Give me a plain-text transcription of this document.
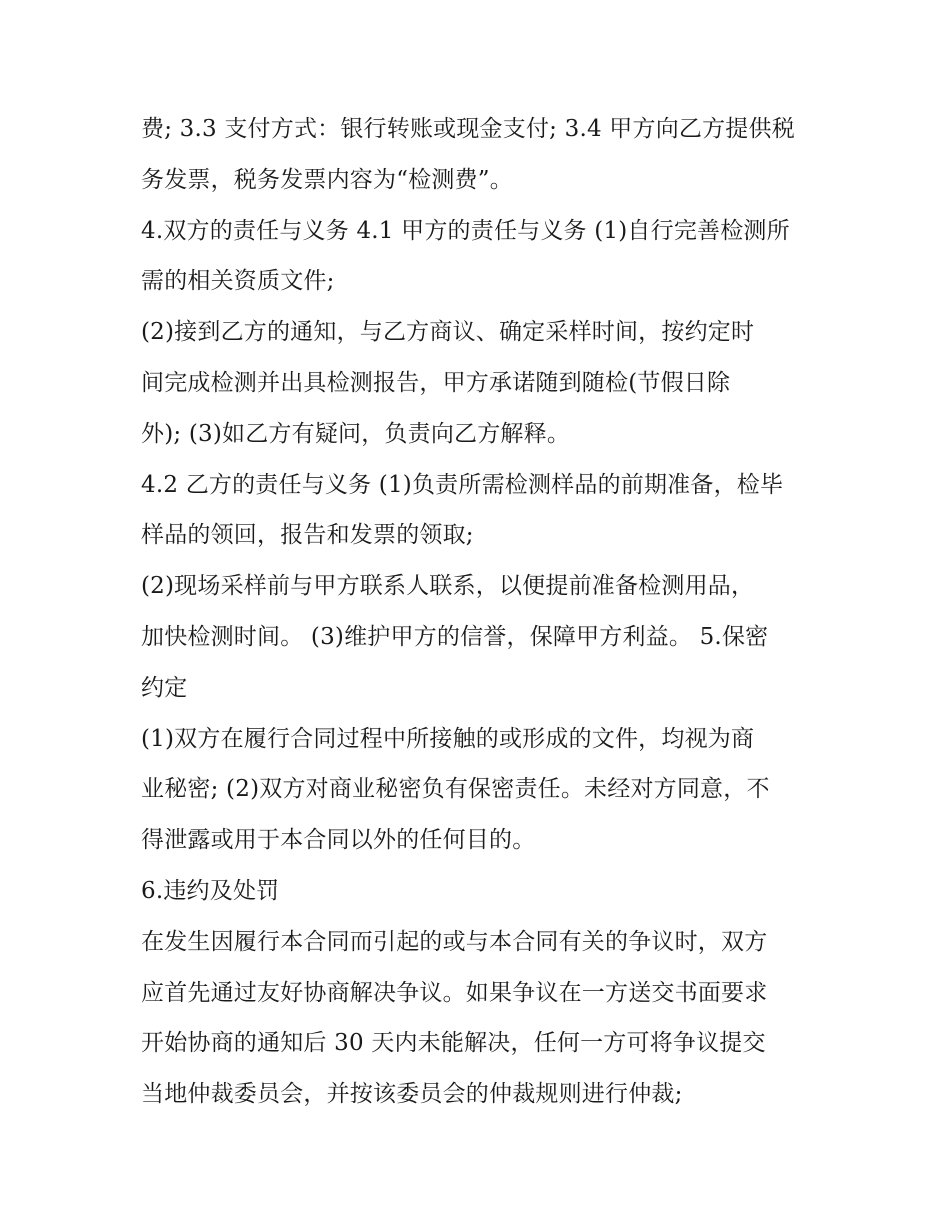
费; 3.3 支付方式：银行转账或现金支付; 3.4 甲方向乙方提供税
务发票，税务发票内容为“检测费”。
4.双方的责任与义务 4.1 甲方的责任与义务 (1)自行完善检测所
需的相关资质文件;
(2)接到乙方的通知，与乙方商议、确定采样时间，按约定时
间完成检测并出具检测报告，甲方承诺随到随检(节假日除
外); (3)如乙方有疑问，负责向乙方解释。
4.2 乙方的责任与义务 (1)负责所需检测样品的前期准备，检毕
样品的领回，报告和发票的领取;
(2)现场采样前与甲方联系人联系，以便提前准备检测用品，
加快检测时间。 (3)维护甲方的信誉，保障甲方利益。 5.保密
约定
(1)双方在履行合同过程中所接触的或形成的文件，均视为商
业秘密; (2)双方对商业秘密负有保密责任。未经对方同意，不
得泄露或用于本合同以外的任何目的。
6.违约及处罚
在发生因履行本合同而引起的或与本合同有关的争议时，双方
应首先通过友好协商解决争议。如果争议在一方送交书面要求
开始协商的通知后 30 天内未能解决，任何一方可将争议提交
当地仲裁委员会，并按该委员会的仲裁规则进行仲裁;
